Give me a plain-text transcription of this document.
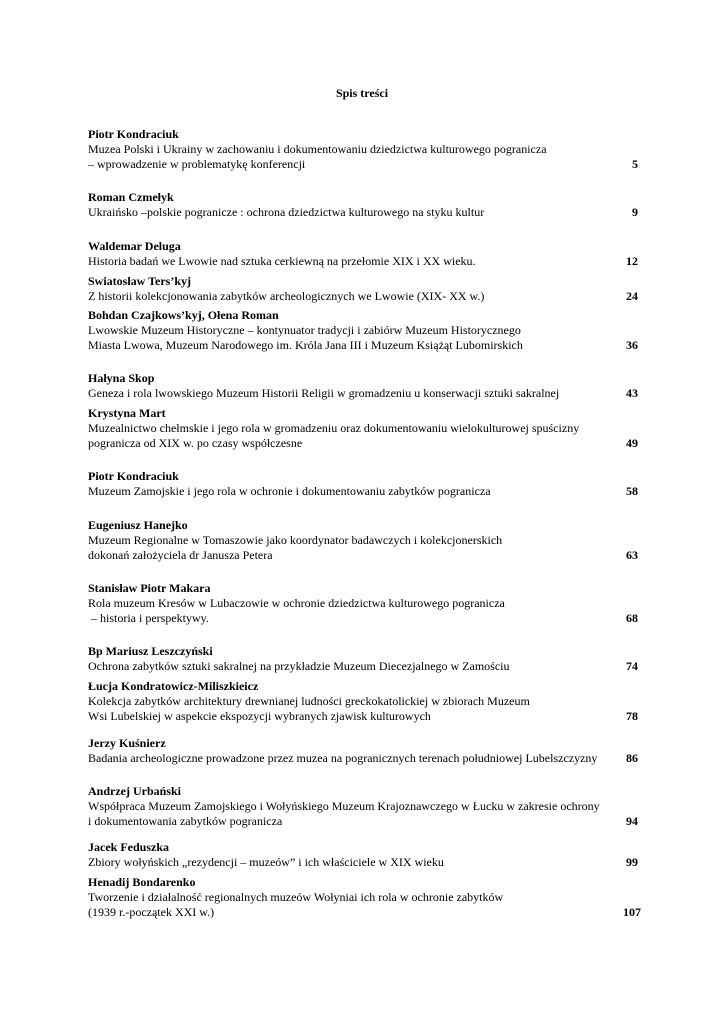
Spis treści
Piotr Kondraciuk
Muzea Polski i Ukrainy w zachowaniu i dokumentowaniu dziedzictwa kulturowego pogranicza
– wprowadzenie w problematykę konferencji	5
Roman Czmełyk
Ukraińsko –polskie pogranicze : ochrona dziedzictwa kulturowego na styku kultur	9
Waldemar Deluga
Historia badań we Lwowie nad sztuka cerkiewną na przełomie XIX i XX wieku.	12
Swiatosław Ters’kyj
Z historii kolekcjonowania zabytków archeologicznych we Lwowie (XIX- XX w.)	24
Bohdan Czajkows’kyj, Ołena Roman
Lwowskie Muzeum Historyczne – kontynuator tradycji i zabiórw Muzeum Historycznego
Miasta Lwowa, Muzeum Narodowego im. Króla Jana III i Muzeum Książąt Lubomirskich	36
Hałyna Skop
Geneza i rola lwowskiego Muzeum Historii Religii w gromadzeniu u konserwacji sztuki sakralnej	43
Krystyna Mart
Muzealnictwo chełmskie i jego rola w gromadzeniu oraz dokumentowaniu wielokulturowej spuścizny
pogranicza od XIX w. po czasy współczesne	49
Piotr Kondraciuk
Muzeum Zamojskie i jego rola w ochronie i dokumentowaniu zabytków pogranicza	58
Eugeniusz Hanejko
Muzeum Regionalne w Tomaszowie jako koordynator badawczych i kolekcjonerskich
dokonań założyciela dr Janusza Petera	63
Stanisław Piotr Makara
Rola muzeum Kresów w Lubaczowie w ochronie dziedzictwa kulturowego pogranicza
– historia i perspektywy.	68
Bp Mariusz Leszczyński
Ochrona zabytków sztuki sakralnej na przykładzie Muzeum Diecezjalnego w Zamościu	74
Łucja Kondratowicz-Miliszkieicz
Kolekcja zabytków architektury drewnianej ludności greckokatolickiej w zbiorach Muzeum
Wsi Lubelskiej w aspekcie ekspozycji wybranych zjawisk kulturowych	78
Jerzy Kuśnierz
Badania archeologiczne prowadzone przez muzea na pogranicznych terenach południowej Lubelszczyzny	86
Andrzej Urbański
Współpraca Muzeum Zamojskiego i Wołyńskiego Muzeum Krajoznawczego w Łucku w zakresie ochrony
i dokumentowania zabytków pogranicza	94
Jacek Feduszka
Zbiory wołyńskich „rezydencji – muzeów” i ich właściciele w XIX wieku	99
Henadij Bondarenko
Tworzenie i działalność regionalnych muzeów Wołyniai ich rola w ochronie zabytków
(1939 r.-początek XXI w.)	107
